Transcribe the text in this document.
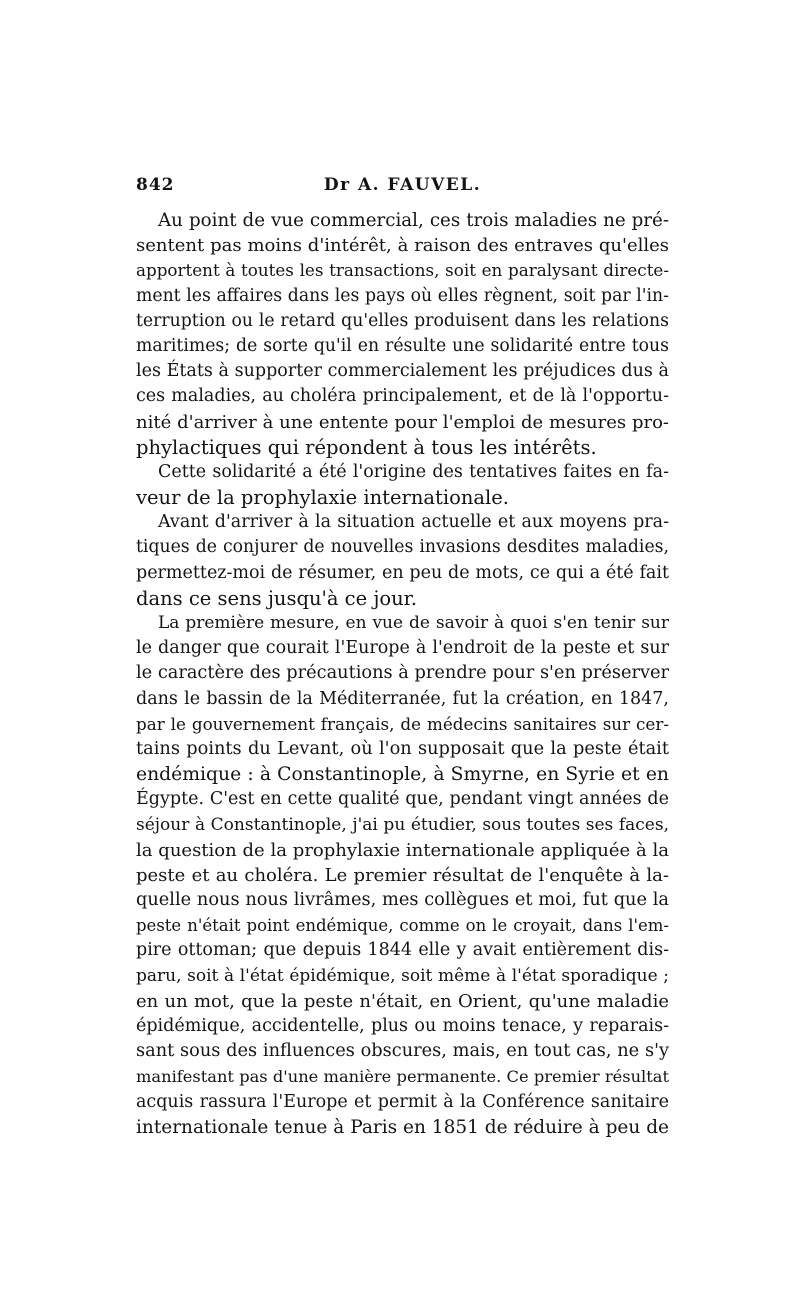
842	Dr A. FAUVEL.
Au point de vue commercial, ces trois maladies ne pré-
sentent pas moins d'intérêt, à raison des entraves qu'elles
apportent à toutes les transactions, soit en paralysant directe-
ment les affaires dans les pays où elles règnent, soit par l'in-
terruption ou le retard qu'elles produisent dans les relations
maritimes; de sorte qu'il en résulte une solidarité entre tous
les États à supporter commercialement les préjudices dus à
ces maladies, au choléra principalement, et de là l'opportu-
nité d'arriver à une entente pour l'emploi de mesures pro-
phylactiques qui répondent à tous les intérêts.
Cette solidarité a été l'origine des tentatives faites en fa-
veur de la prophylaxie internationale.
Avant d'arriver à la situation actuelle et aux moyens pra-
tiques de conjurer de nouvelles invasions desdites maladies,
permettez-moi de résumer, en peu de mots, ce qui a été fait
dans ce sens jusqu'à ce jour.
La première mesure, en vue de savoir à quoi s'en tenir sur
le danger que courait l'Europe à l'endroit de la peste et sur
le caractère des précautions à prendre pour s'en préserver
dans le bassin de la Méditerranée, fut la création, en 1847,
par le gouvernement français, de médecins sanitaires sur cer-
tains points du Levant, où l'on supposait que la peste était
endémique : à Constantinople, à Smyrne, en Syrie et en
Égypte. C'est en cette qualité que, pendant vingt années de
séjour à Constantinople, j'ai pu étudier, sous toutes ses faces,
la question de la prophylaxie internationale appliquée à la
peste et au choléra. Le premier résultat de l'enquête à la-
quelle nous nous livrâmes, mes collègues et moi, fut que la
peste n'était point endémique, comme on le croyait, dans l'em-
pire ottoman; que depuis 1844 elle y avait entièrement dis-
paru, soit à l'état épidémique, soit même à l'état sporadique ;
en un mot, que la peste n'était, en Orient, qu'une maladie
épidémique, accidentelle, plus ou moins tenace, y reparais-
sant sous des influences obscures, mais, en tout cas, ne s'y
manifestant pas d'une manière permanente. Ce premier résultat
acquis rassura l'Europe et permit à la Conférence sanitaire
internationale tenue à Paris en 1851 de réduire à peu de
